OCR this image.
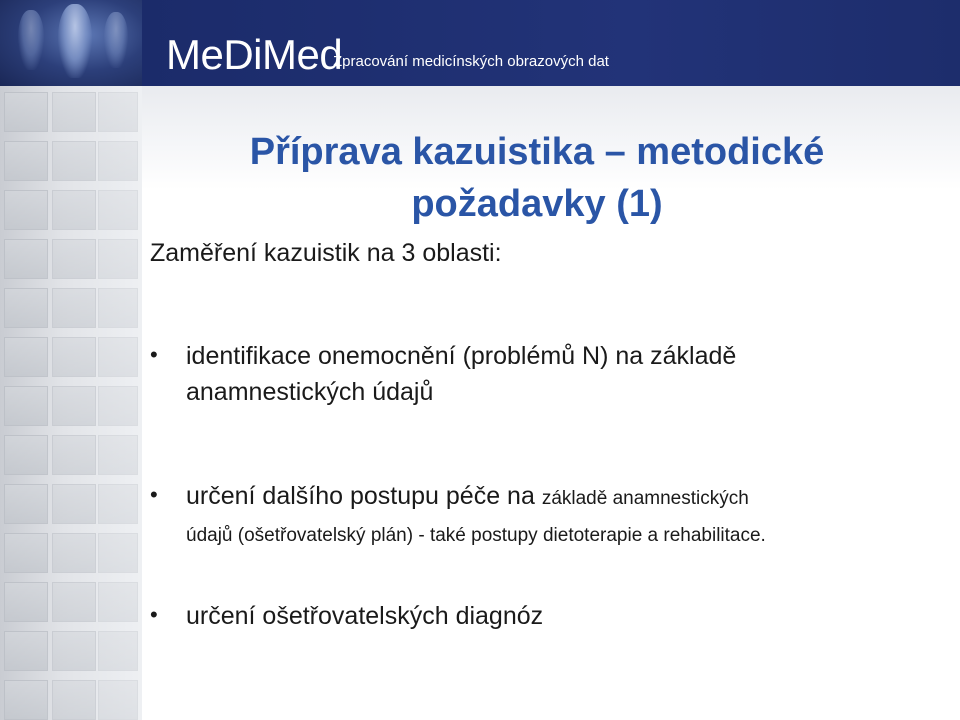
MeDiMed
Zpracování medicínských obrazových dat
Příprava kazuistika – metodické
požadavky (1)
Zaměření kazuistik na 3 oblasti:
• identifikace onemocnění (problémů N) na základě
anamnestických údajů
• určení dalšího postupu péče na základě anamnestických
údajů (ošetřovatelský plán) - také postupy dietoterapie a rehabilitace.
• určení ošetřovatelských diagnóz
